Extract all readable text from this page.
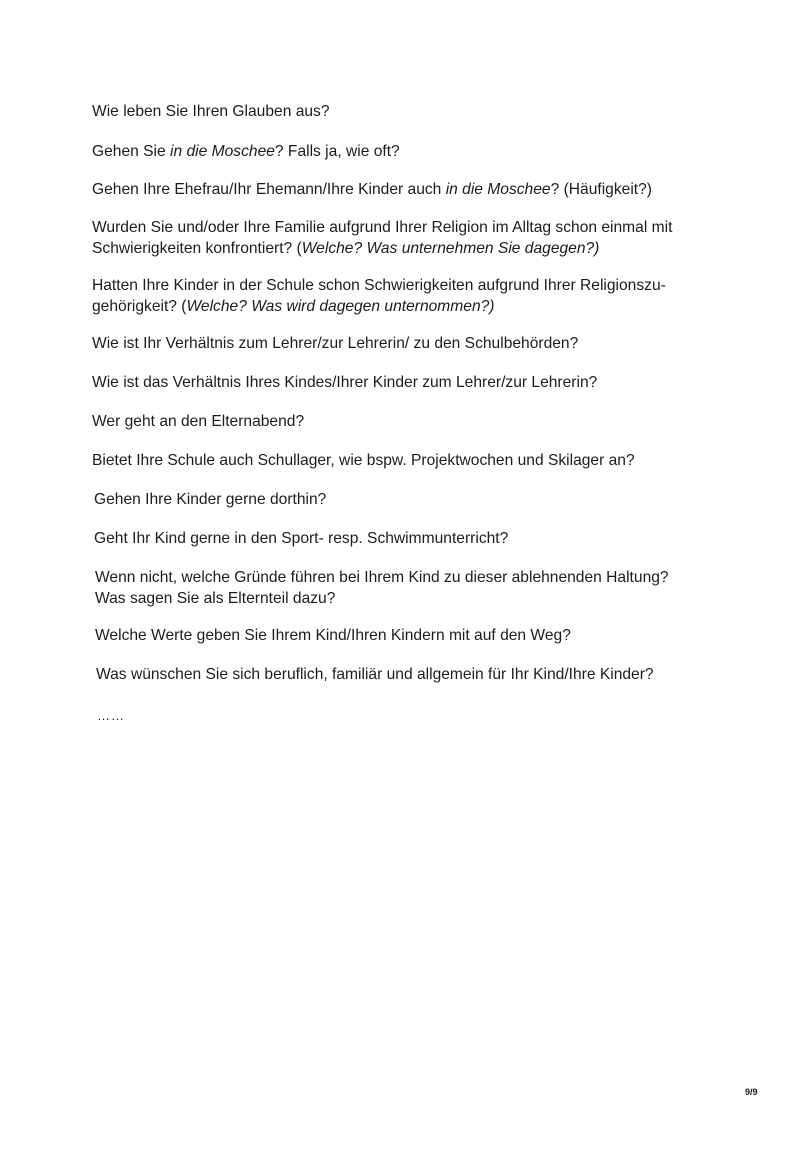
Wie leben Sie Ihren Glauben aus?

Gehen Sie in die Moschee? Falls ja, wie oft?

Gehen Ihre Ehefrau/Ihr Ehemann/Ihre Kinder auch in die Moschee? (Häufigkeit?)

Wurden Sie und/oder Ihre Familie aufgrund Ihrer Religion im Alltag schon einmal mit
Schwierigkeiten konfrontiert? (Welche? Was unternehmen Sie dagegen?)

Hatten Ihre Kinder in der Schule schon Schwierigkeiten aufgrund Ihrer Religionszu-
gehörigkeit? (Welche? Was wird dagegen unternommen?)

Wie ist Ihr Verhältnis zum Lehrer/zur Lehrerin/ zu den Schulbehörden?

Wie ist das Verhältnis Ihres Kindes/Ihrer Kinder zum Lehrer/zur Lehrerin?

Wer geht an den Elternabend?

Bietet Ihre Schule auch Schullager, wie bspw. Projektwochen und Skilager an?

Gehen Ihre Kinder gerne dorthin?

Geht Ihr Kind gerne in den Sport- resp. Schwimmunterricht?

Wenn nicht, welche Gründe führen bei Ihrem Kind zu dieser ablehnenden Haltung?
Was sagen Sie als Elternteil dazu?

Welche Werte geben Sie Ihrem Kind/Ihren Kindern mit auf den Weg?

Was wünschen Sie sich beruflich, familiär und allgemein für Ihr Kind/Ihre Kinder?

……
9/9
